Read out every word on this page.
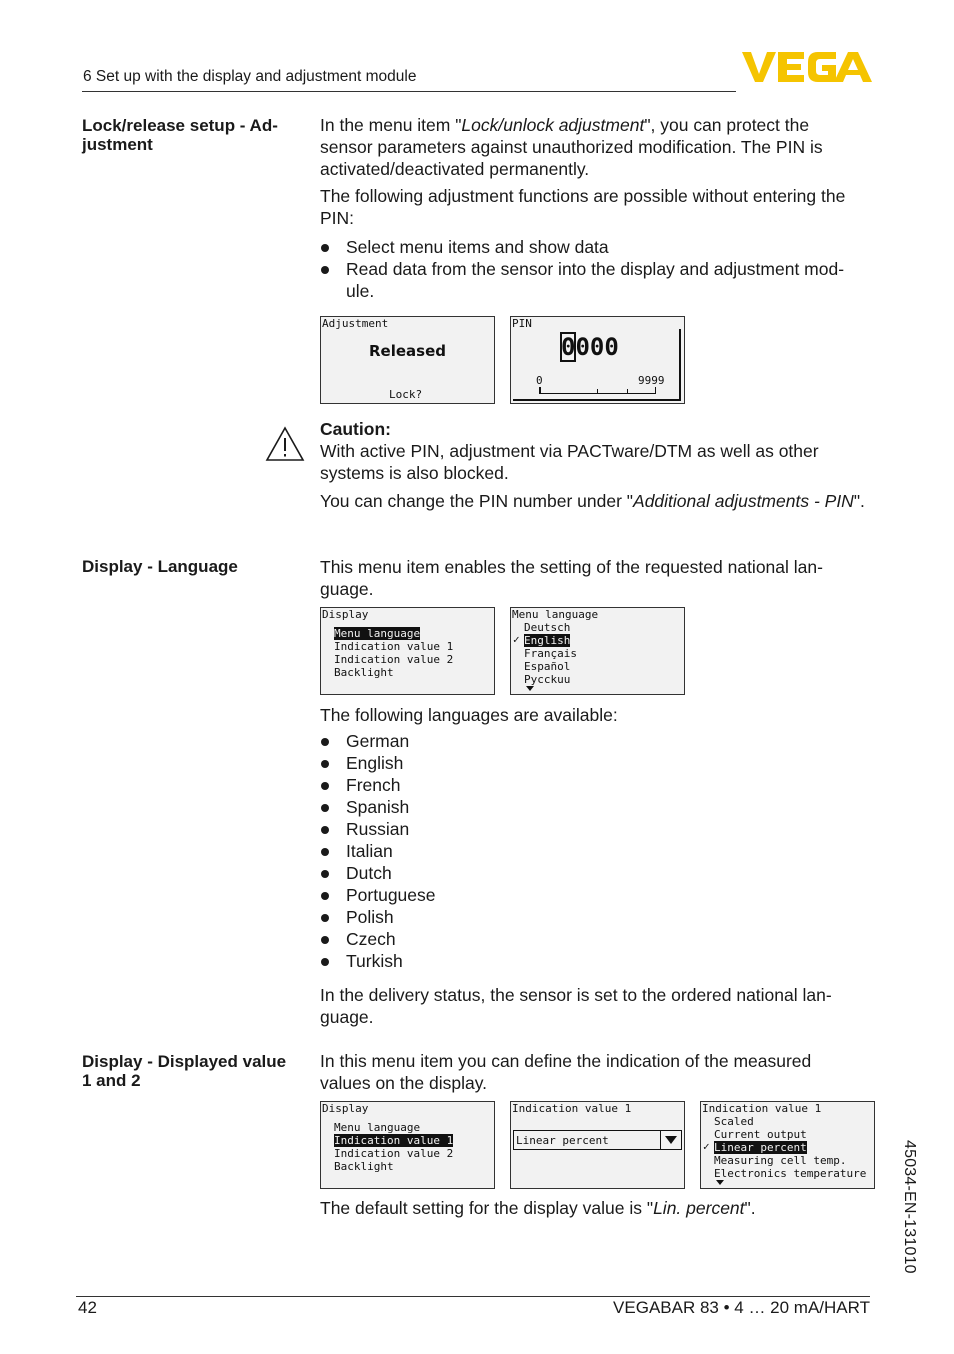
6 Set up with the display and adjustment module
Lock/release setup - Ad-
justment
In the menu item "Lock/unlock adjustment", you can protect the sensor parameters against unauthorized modification. The PIN is activated/deactivated permanently.
The following adjustment functions are possible without entering the PIN:
Select menu items and show data
Read data from the sensor into the display and adjustment mod-
ule.
Adjustment
Released
Lock?
PIN
0000
0	9999
Caution:
With active PIN, adjustment via PACTware/DTM as well as other systems is also blocked.
You can change the PIN number under "Additional adjustments - PIN".
Display - Language	This menu item enables the setting of the requested national lan-
guage.
Display
Menu language
Indication value 1
Indication value 2
Backlight
Menu language
Deutsch
✓ English
Français
Español
Pycckuu
The following languages are available:
German
English
French
Spanish
Russian
Italian
Dutch
Portuguese
Polish
Czech
Turkish
In the delivery status, the sensor is set to the ordered national lan-
guage.
Display - Displayed value
1 and 2
In this menu item you can define the indication of the measured values on the display.
Display
Menu language
Indication value 1
Indication value 2
Backlight
Indication value 1
Linear percent
Indication value 1
Scaled
Current output
✓ Linear percent
Measuring cell temp.
Electronics temperature
The default setting for the display value is "Lin. percent".	45034-EN-131010
42	VEGABAR 83 • 4 … 20 mA/HART
